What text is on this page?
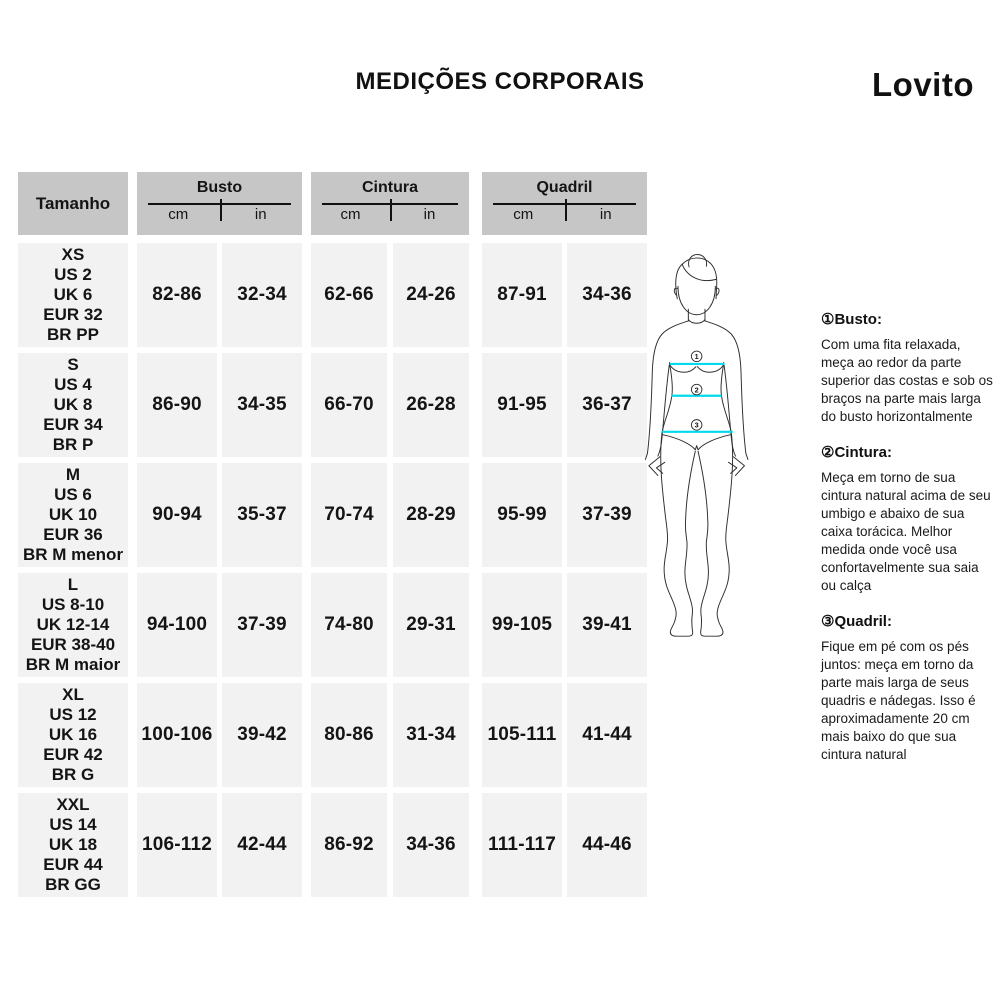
MEDIÇÕES CORPORAIS	Lovito
Tamanho
Busto
cm	in
Cintura
cm	in
Quadril
cm	in
XS
US 2
UK 6
EUR 32
BR PP
82-86	32-34	62-66	24-26	87-91	34-36
S
US 4
UK 8
EUR 34
BR P
86-90	34-35	66-70	26-28	91-95	36-37
M
US 6
UK 10
EUR 36
BR M menor
90-94	35-37	70-74	28-29	95-99	37-39
L
US 8-10
UK 12-14
EUR 38-40
BR M maior
94-100	37-39	74-80	29-31	99-105	39-41
XL
US 12
UK 16
EUR 42
BR G
100-106	39-42	80-86	31-34	105-111	41-44
XXL
US 14
UK 18
EUR 44
BR GG
106-112	42-44	86-92	34-36	111-117	44-46
1
2
3
①Busto:

Com uma fita relaxada, meça ao redor da parte superior das costas e sob os braços na parte mais larga do busto horizontalmente

②Cintura:

Meça em torno de sua cintura natural acima de seu umbigo e abaixo de sua caixa torácica. Melhor medida onde você usa confortavelmente sua saia ou calça

③Quadril:

Fique em pé com os pés juntos: meça em torno da parte mais larga de seus quadris e nádegas. Isso é aproximadamente 20 cm mais baixo do que sua cintura natural
